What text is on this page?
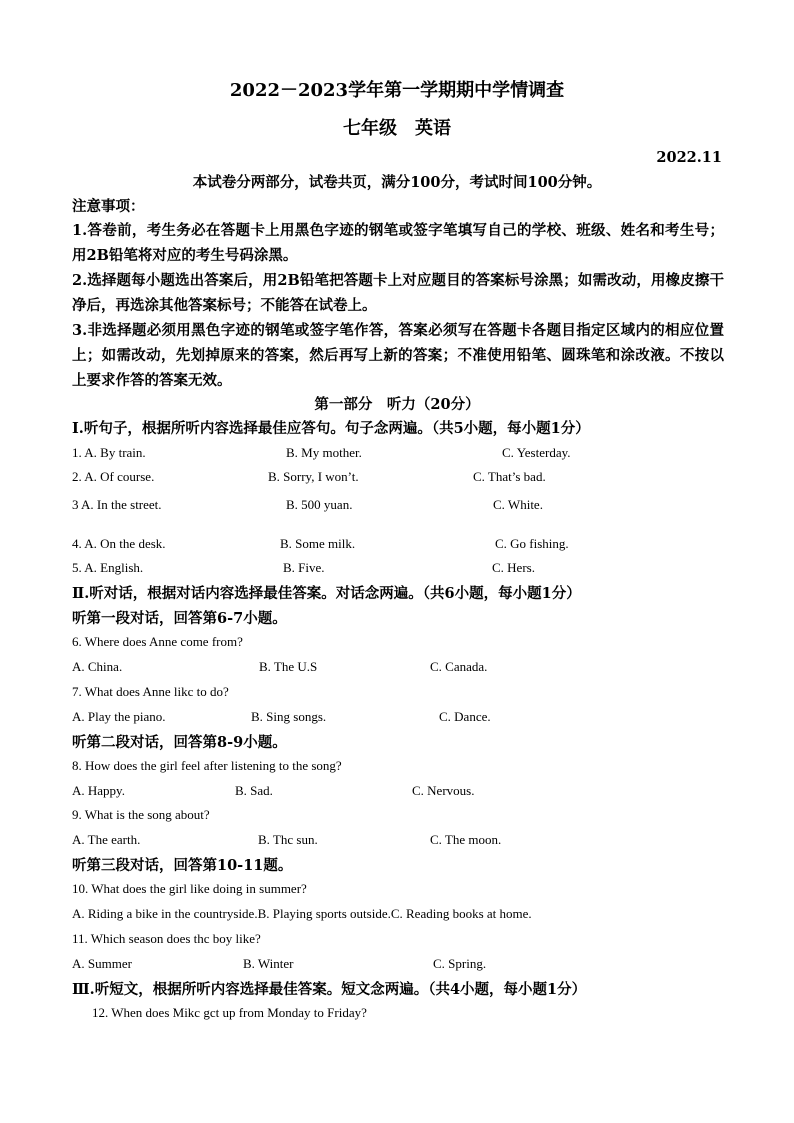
2022－2023学年第一学期期中学情调查
七年级　英语
2022.11
本试卷分两部分，试卷共页，满分100分，考试时间100分钟。
注意事项：
1.答卷前，考生务必在答题卡上用黑色字迹的钢笔或签字笔填写自己的学校、班级、姓名和考生号；用2B铅笔将对应的考生号码涂黑。
2.选择题每小题选出答案后，用2B铅笔把答题卡上对应题目的答案标号涂黑；如需改动，用橡皮擦干净后，再选涂其他答案标号；不能答在试卷上。
3.非选择题必须用黑色字迹的钢笔或签字笔作答，答案必须写在答题卡各题目指定区域内的相应位置上；如需改动，先划掉原来的答案，然后再写上新的答案；不准使用铅笔、圆珠笔和涂改液。不按以上要求作答的答案无效。
第一部分　听力（20分）
Ⅰ.听句子，根据所听内容选择最佳应答句。句子念两遍。（共5小题，每小题1分）
1. A. By train.	B. My mother.	C. Yesterday.
2. A. Of course.	B. Sorry, I won’t.	C. That’s bad.
3 A. In the street.	B. 500 yuan.	C. White.
4. A. On the desk.	B. Some milk.	C. Go fishing.
5. A. English.	B. Five.	C. Hers.
Ⅱ.听对话，根据对话内容选择最佳答案。对话念两遍。（共6小题，每小题1分）
听第一段对话，回答第6-7小题。
6. Where does Anne come from?
A. China.	B. The U.S	C. Canada.
7. What does Anne likc to do?
A. Play the piano.	B. Sing songs.	C. Dance.
听第二段对话，回答第8-9小题。
8. How does the girl feel after listening to the song?
A. Happy.	B. Sad.	C. Nervous.
9. What is the song about?
A. The earth.	B. Thc sun.	C. The moon.
听第三段对话，回答第10-11题。
10. What does the girl like doing in summer?
A. Riding a bike in the countryside.B. Playing sports outside.C. Reading books at home.
11. Which season does thc boy like?
A. Summer	B. Winter	C. Spring.
Ⅲ.听短文，根据所听内容选择最佳答案。短文念两遍。（共4小题，每小题1分）
12. When does Mikc gct up from Monday to Friday?
